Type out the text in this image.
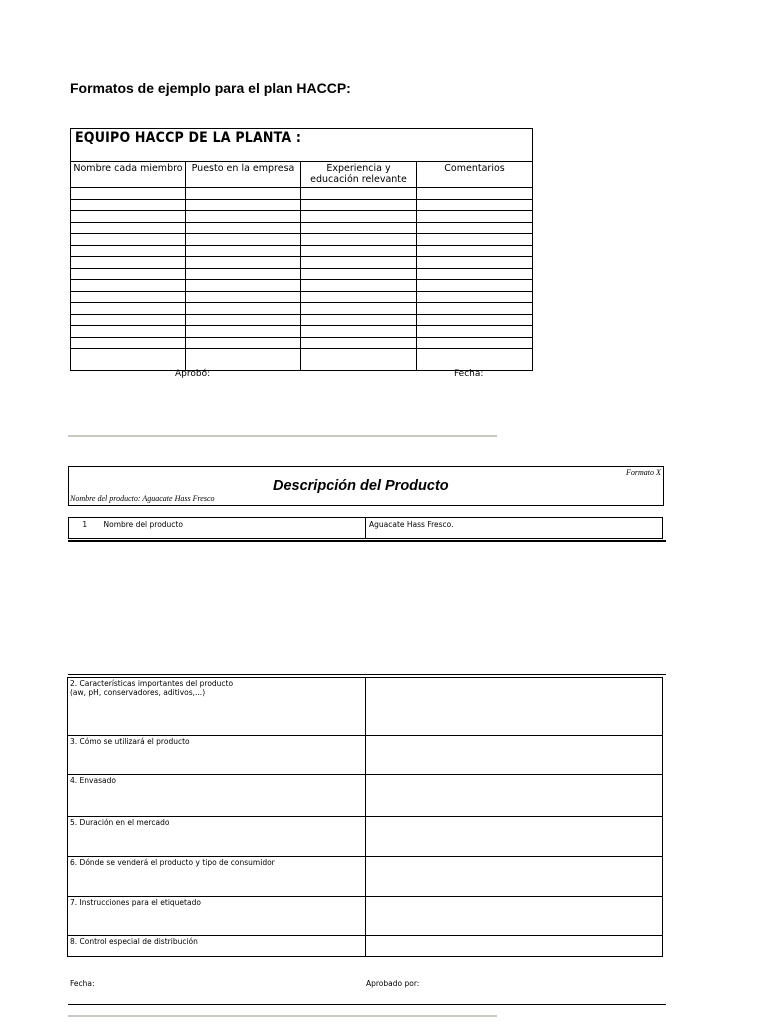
Formatos de ejemplo para el plan HACCP:
EQUIPO HACCP DE LA PLANTA :			
Nombre cada miembro	Puesto en la empresa	Experiencia y educación relevante	Comentarios

Aprobó:	Fecha:
Formato X
Descripción del Producto
Nombre del producto: Aguacate Hass Fresco
1	Nombre del producto	Aguacate Hass Fresco.
2. Características importantes del producto
(aw, pH, conservadores, aditivos,...)	

3. Cómo se utilizará el producto	
4. Envasado	
5. Duración en el mercado	
6. Dónde se venderá el producto y tipo de consumidor	
7. Instrucciones para el etiquetado	
8. Control especial de distribución	
Fecha:	Aprobado por:
